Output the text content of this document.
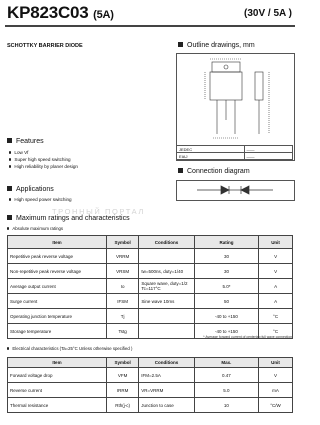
KP823C03 (5A)	(30V / 5A )
SCHOTTKY BARRIER DIODE	Outline drawings, mm
JEDEC	——
EIAJ	——
Connection diagram
Features
Low Vf
Super high speed switching
High reliability by planer design
Applications
High speed power switching
ТРОННЫЙ ПОРТАЛ
Maximum ratings and characteristics
Absolute maximum ratings
Item	Symbol	Conditions	Rating	Unit
Repetitive peak reverse voltage	VRRM		30	V
Non-repetitive peak reverse voltage	VRSM	tw=500ns, duty=1/40	30	V
Average output current	Io	Square wave, duty=1/2 Tc=117°C	5.0*	A
Surge current	IFSM	Sine wave 10ms	50	A
Operating junction temperature	Tj		-40 to +150	°C
Storage temperature	Tstg		-40 to +150	°C
* Average forward current of centertap full wave connection
Electrical characteristics (Ta=25°C Unless otherwise specified )
Item	Symbol	Conditions	Max.	Unit
Forward voltage drop	VFM	IFM=2.5A	0.47	V
Reverse current	IRRM	VR=VRRM	5.0	mA
Thermal resistance	Rth(j-c)	Junction to case	10	°C/W
